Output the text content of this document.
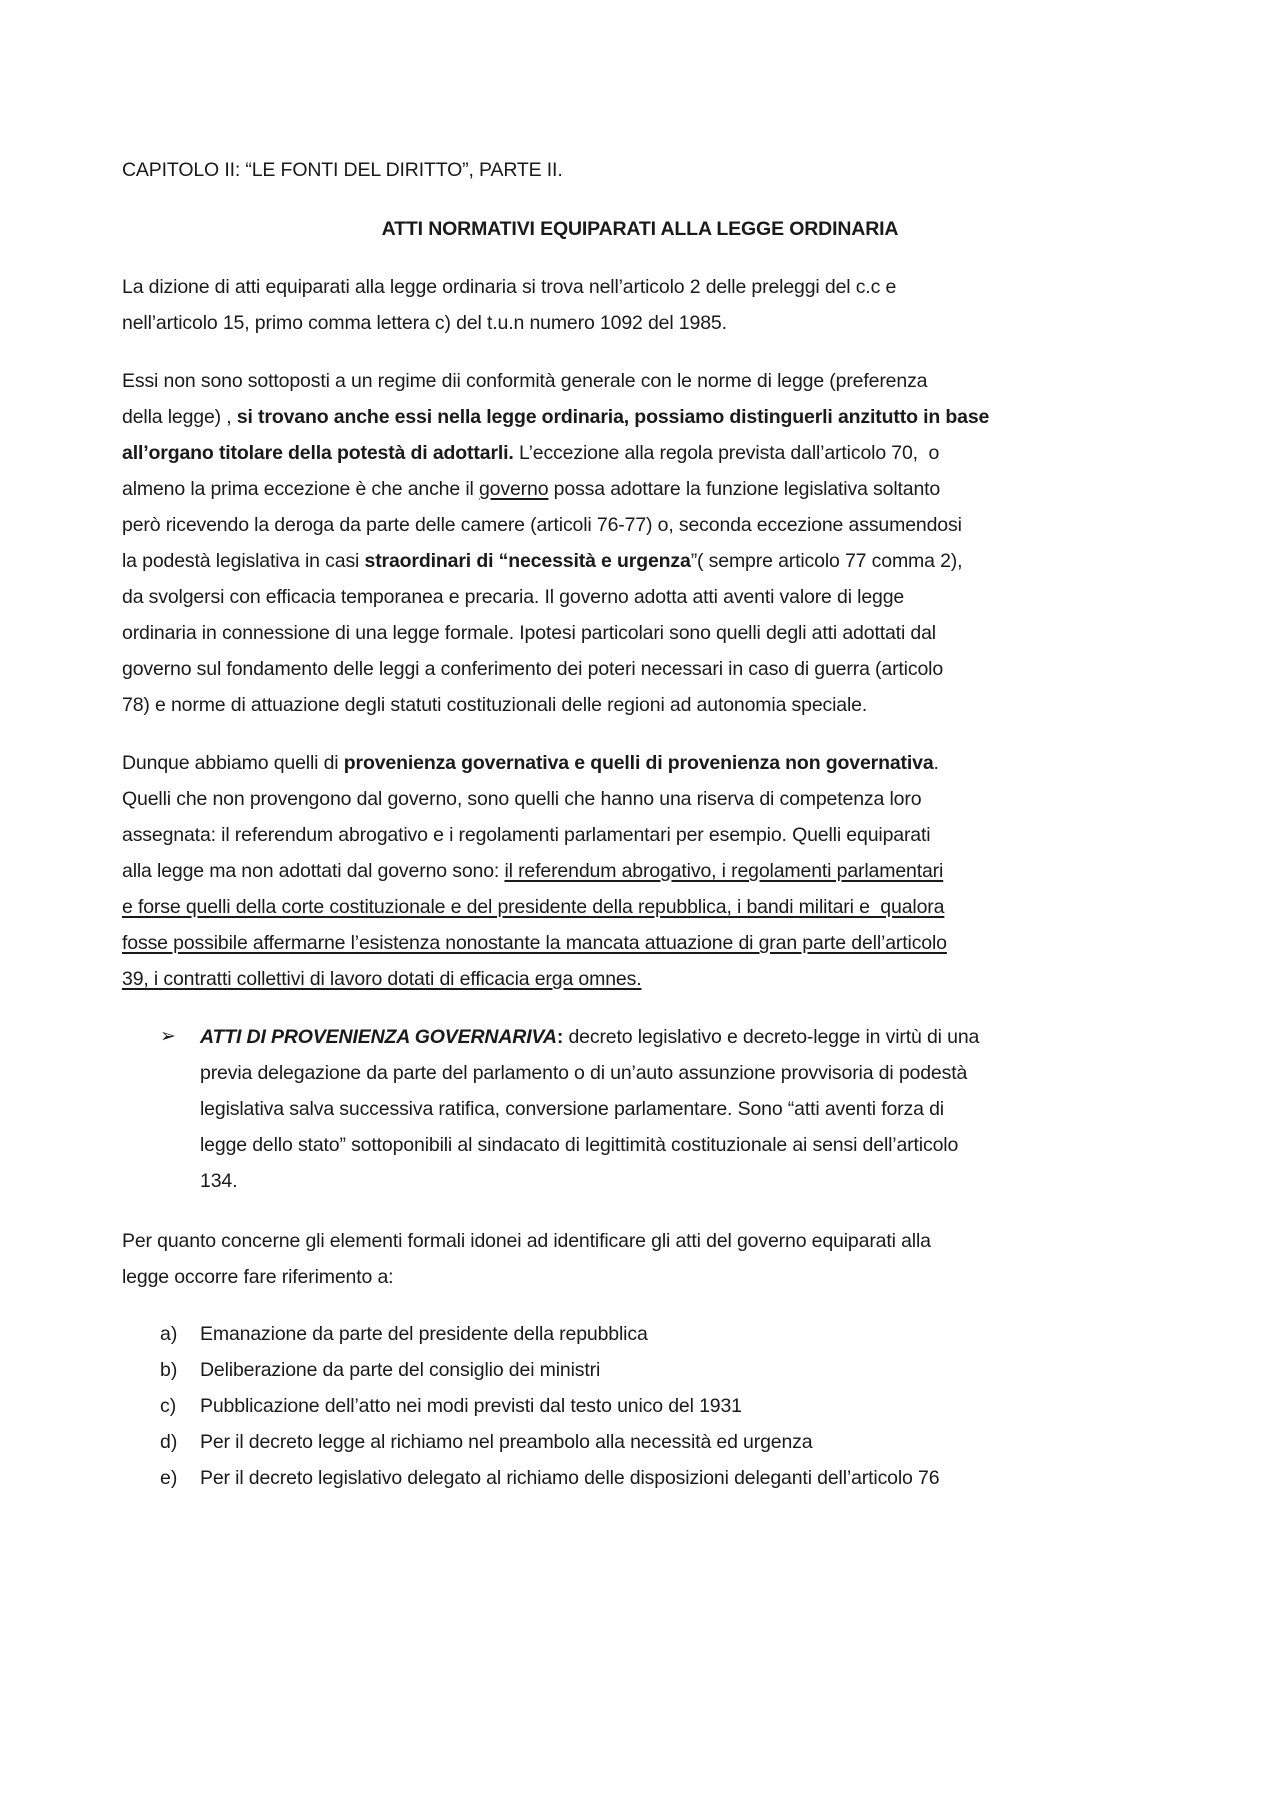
CAPITOLO II: “LE FONTI DEL DIRITTO”, PARTE II.
ATTI NORMATIVI EQUIPARATI ALLA LEGGE ORDINARIA
La dizione di atti equiparati alla legge ordinaria si trova nell’articolo 2 delle preleggi del c.c e
nell’articolo 15, primo comma lettera c) del t.u.n numero 1092 del 1985.
Essi non sono sottoposti a un regime dii conformità generale con le norme di legge (preferenza
della legge) , si trovano anche essi nella legge ordinaria, possiamo distinguerli anzitutto in base
all’organo titolare della potestà di adottarli. L’eccezione alla regola prevista dall’articolo 70,  o
almeno la prima eccezione è che anche il governo possa adottare la funzione legislativa soltanto
però ricevendo la deroga da parte delle camere (articoli 76-77) o, seconda eccezione assumendosi
la podestà legislativa in casi straordinari di “necessità e urgenza”( sempre articolo 77 comma 2),
da svolgersi con efficacia temporanea e precaria. Il governo adotta atti aventi valore di legge
ordinaria in connessione di una legge formale. Ipotesi particolari sono quelli degli atti adottati dal
governo sul fondamento delle leggi a conferimento dei poteri necessari in caso di guerra (articolo
78) e norme di attuazione degli statuti costituzionali delle regioni ad autonomia speciale.
Dunque abbiamo quelli di provenienza governativa e quelli di provenienza non governativa.
Quelli che non provengono dal governo, sono quelli che hanno una riserva di competenza loro
assegnata: il referendum abrogativo e i regolamenti parlamentari per esempio. Quelli equiparati
alla legge ma non adottati dal governo sono: il referendum abrogativo, i regolamenti parlamentari
e forse quelli della corte costituzionale e del presidente della repubblica, i bandi militari e  qualora
fosse possibile affermarne l’esistenza nonostante la mancata attuazione di gran parte dell’articolo
39, i contratti collettivi di lavoro dotati di efficacia erga omnes.
➢ ATTI DI PROVENIENZA GOVERNARIVA: decreto legislativo e decreto-legge in virtù di una
previa delegazione da parte del parlamento o di un’auto assunzione provvisoria di podestà
legislativa salva successiva ratifica, conversione parlamentare. Sono “atti aventi forza di
legge dello stato” sottoponibili al sindacato di legittimità costituzionale ai sensi dell’articolo
134.
Per quanto concerne gli elementi formali idonei ad identificare gli atti del governo equiparati alla
legge occorre fare riferimento a:
a) Emanazione da parte del presidente della repubblica
b) Deliberazione da parte del consiglio dei ministri
c) Pubblicazione dell’atto nei modi previsti dal testo unico del 1931
d) Per il decreto legge al richiamo nel preambolo alla necessità ed urgenza
e) Per il decreto legislativo delegato al richiamo delle disposizioni deleganti dell’articolo 76
